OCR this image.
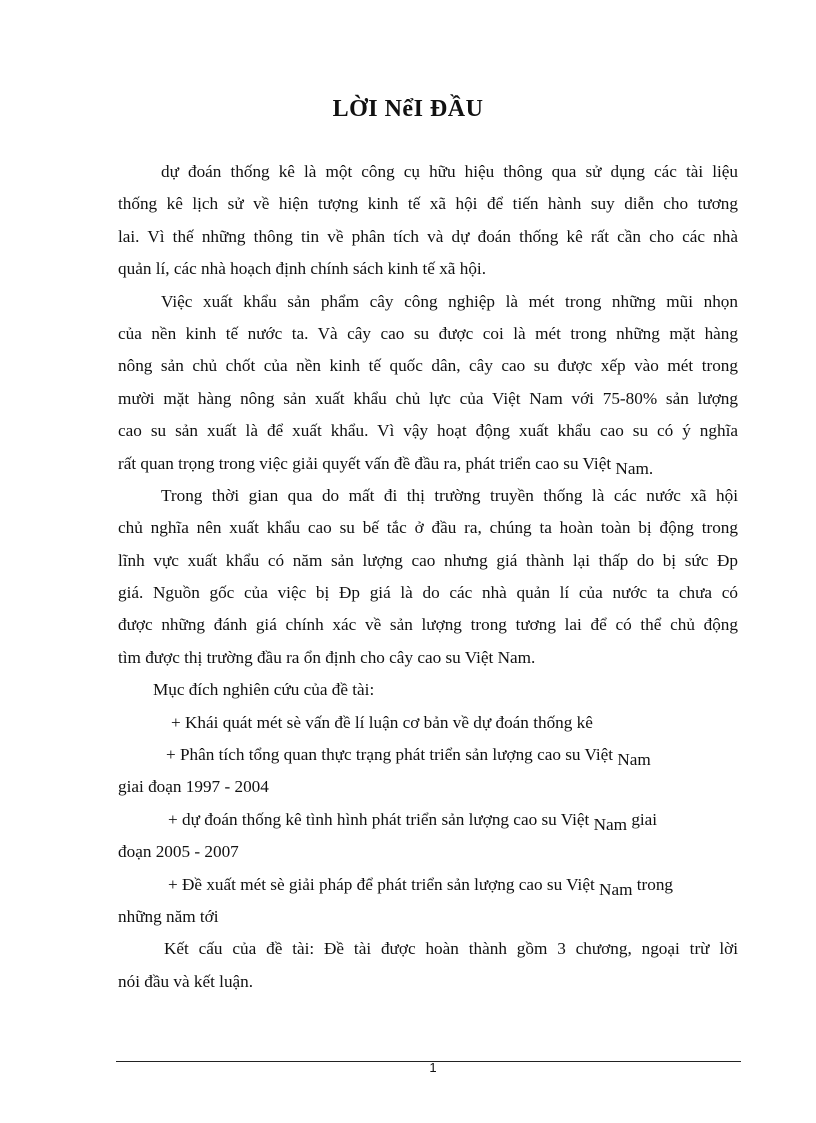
LỜI NểI ĐẦU
dự đoán thống kê là một công cụ hữu hiệu thông qua sử dụng các tài liệu
thống kê lịch sử về hiện tượng kinh tế xã hội để tiến hành suy diễn cho tương
lai. Vì thế những thông tin về phân tích và dự đoán thống kê rất cần cho các nhà
quản lí, các nhà hoạch định chính sách kinh tế xã hội.
Việc xuất khẩu sản phẩm cây công nghiệp là mét trong những mũi nhọn
của nền kinh tế nước ta. Và cây cao su được coi là mét trong những mặt hàng
nông sản chủ chốt của nền kinh tế quốc dân, cây cao su được xếp vào mét trong
mười mặt hàng nông sản xuất khẩu chủ lực của Việt Nam với 75-80% sản lượng
cao su sản xuất là để xuất khẩu. Vì vậy hoạt động xuất khẩu cao su có ý nghĩa
rất quan trọng trong việc giải quyết vấn đề đầu ra, phát triển cao su Việt Nam.
Trong thời gian qua do mất đi thị trường truyền thống là các nước xã hội
chủ nghĩa nên xuất khẩu cao su bế tắc ở đầu ra, chúng ta hoàn toàn bị động trong
lĩnh vực xuất khẩu có năm sản lượng cao nhưng giá thành lại thấp do bị sức Ðp
giá. Nguồn gốc của việc bị Ðp giá là do các nhà quản lí của nước ta chưa có
được những đánh giá chính xác về sản lượng trong tương lai để có thể chủ động
tìm được thị trường đầu ra ổn định cho cây cao su Việt Nam.
Mục đích nghiên cứu của đề tài:
+ Khái quát mét sè vấn đề lí luận cơ bản về dự đoán thống kê
+ Phân tích tổng quan thực trạng phát triển sản lượng cao su Việt Nam
giai đoạn 1997 - 2004
+ dự đoán thống kê tình hình phát triển sản lượng cao su Việt Nam giai
đoạn 2005 - 2007
+ Đề xuất mét sè giải pháp để phát triển sản lượng cao su Việt Nam trong
những năm tới
Kết cấu của đề tài: Đề tài được hoàn thành gồm 3 chương, ngoại trừ lời
nói đầu và kết luận.
1
